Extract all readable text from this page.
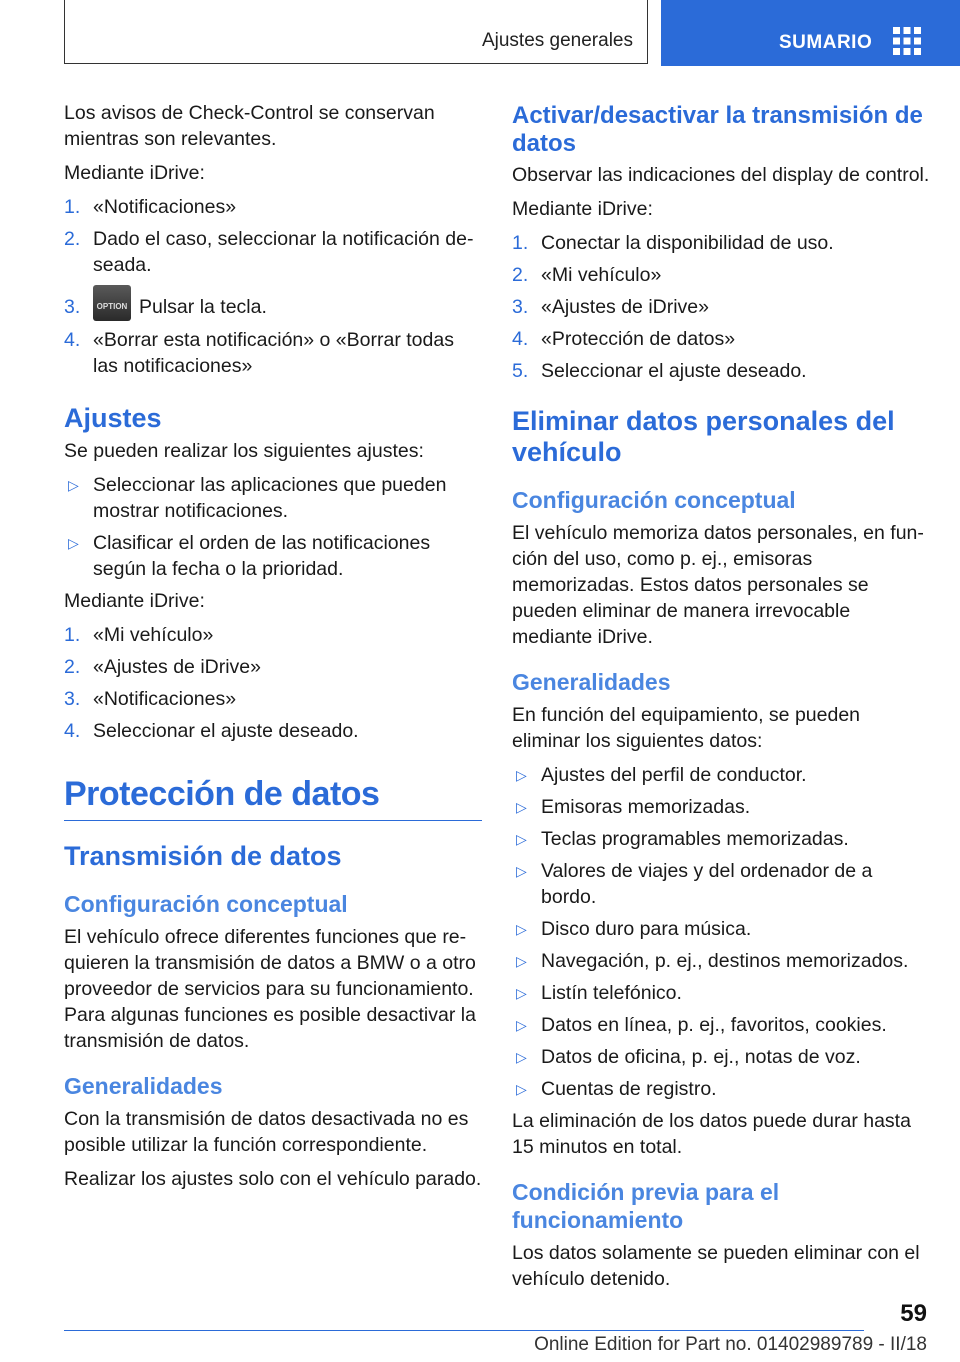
Ajustes generales	SUMARIO

Los avisos de Check-Control se conservan mientras son relevantes.

Mediante iDrive:

1. «Notificaciones»
2. Dado el caso, seleccionar la notificación deseada.
3.	OPTION Pulsar la tecla.
4. «Borrar esta notificación» o «Borrar todas las notificaciones»
Ajustes

Se pueden realizar los siguientes ajustes:

▷ Seleccionar las aplicaciones que pueden mostrar notificaciones.
▷ Clasificar el orden de las notificaciones según la fecha o la prioridad.

Mediante iDrive:

1. «Mi vehículo»
2. «Ajustes de iDrive»
3. «Notificaciones»
4. Seleccionar el ajuste deseado.
Protección de datos
Transmisión de datos
Configuración conceptual

El vehículo ofrece diferentes funciones que requieren la transmisión de datos a BMW o a otro proveedor de servicios para su funcionamiento. Para algunas funciones es posible desactivar la transmisión de datos.

Generalidades

Con la transmisión de datos desactivada no es posible utilizar la función correspondiente.

Realizar los ajustes solo con el vehículo parado.

Activar/desactivar la transmisión de datos

Observar las indicaciones del display de control.

Mediante iDrive:

1. Conectar la disponibilidad de uso.
2. «Mi vehículo»
3. «Ajustes de iDrive»
4. «Protección de datos»
5. Seleccionar el ajuste deseado.
Eliminar datos personales del vehículo
Configuración conceptual

El vehículo memoriza datos personales, en función del uso, como p. ej., emisoras memorizadas. Estos datos personales se pueden eliminar de manera irrevocable mediante iDrive.

Generalidades

En función del equipamiento, se pueden eliminar los siguientes datos:

▷ Ajustes del perfil de conductor.
▷ Emisoras memorizadas.
▷ Teclas programables memorizadas.
▷ Valores de viajes y del ordenador de a bordo.
▷ Disco duro para música.
▷ Navegación, p. ej., destinos memorizados.
▷ Listín telefónico.
▷ Datos en línea, p. ej., favoritos, cookies.
▷ Datos de oficina, p. ej., notas de voz.
▷ Cuentas de registro.

La eliminación de los datos puede durar hasta 15 minutos en total.

Condición previa para el funcionamiento

Los datos solamente se pueden eliminar con el vehículo detenido.

59
Online Edition for Part no. 01402989789 - II/18
